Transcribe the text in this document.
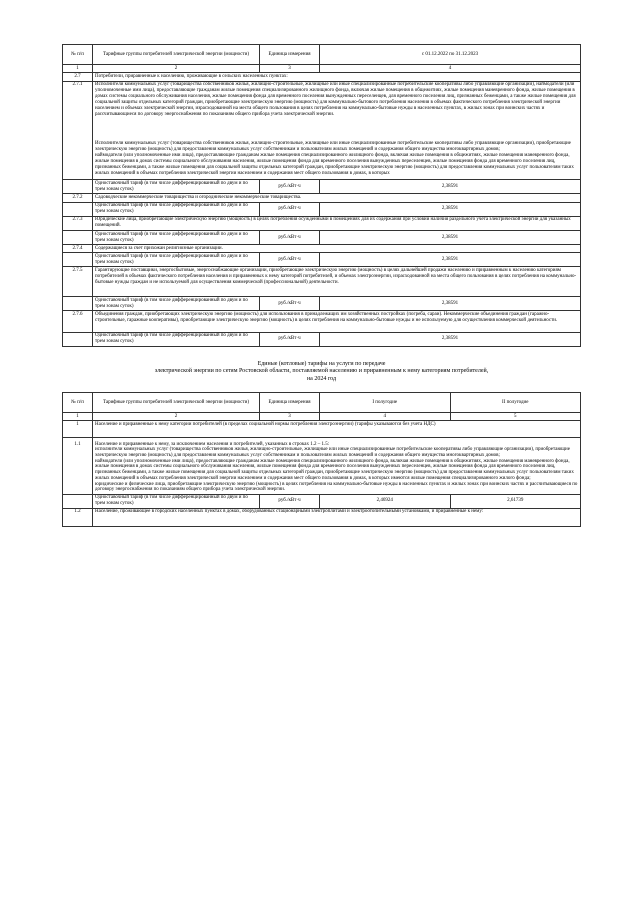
№ п/п	Тарифные группы потребителей электрической энергии (мощности)	Единица измерения	с 01.12.2022 по 31.12.2023
1	2	3	4
2.7	Потребители, приравненные к населению, проживающие в сельских населенных пунктах:		
2.7.1	Исполнители коммунальных услуг (товарищества собственников жилья, жилищно-строительные, жилищные или иные специализированные потребительские кооперативы либо управляющие организации), наймодатели (или уполномоченные ими лица), предоставляющие гражданам жилые помещения специализированного жилищного фонда, включая жилые помещения в общежитиях, жилые помещения маневренного фонда, жилые помещения в домах системы социального обслуживания населения, жилые помещения фонда для временного поселения вынужденных переселенцев, для временного поселения лиц, признанных беженцами, а также жилые помещения для социальной защиты отдельных категорий граждан, приобретающие электрическую энергию (мощность) для коммунально-бытового потребления населения в объемах фактического потребления электрической энергии населением и объемах электрической энергии, израсходованной на места общего пользования в целях потребления на коммунально-бытовые нужды в населенных пунктах, в жилых зонах при воинских частях и рассчитывающиеся по договору энергоснабжения по показаниям общего прибора учета электрической энергии.
Исполнители коммунальных услуг (товарищества собственников жилья, жилищно-строительные, жилищные или иные специализированные потребительские кооперативы либо управляющие организации), приобретающие электрическую энергию (мощность) для предоставления коммунальных услуг собственникам и пользователям жилых помещений и содержания общего имущества многоквартирных домов;
наймодатели (или уполномоченные ими лица), предоставляющие гражданам жилые помещения специализированного жилищного фонда, включая жилые помещения в общежитиях, жилые помещения маневренного фонда, жилые помещения в домах системы социального обслуживания населения, жилые помещения фонда для временного поселения вынужденных переселенцев, жилые помещения фонда для временного поселения лиц, признанных беженцами, а также жилые помещения для социальной защиты отдельных категорий граждан, приобретающие электрическую энергию (мощность) для предоставления коммунальных услуг пользователям таких жилых помещений в объемах потребления электрической энергии населением и содержания мест общего пользования в домах, в которых		

	Одноставочный тариф (в том числе дифференцированный по двум и по трем зонам суток)	руб./кВт·ч	2,38591
2.7.2	Садоводческие некоммерческие товарищества и огороднические некоммерческие товарищества.		
	Одноставочный тариф (в том числе дифференцированный по двум и по трем зонам суток)	руб./кВт·ч	2,38591
2.7.3	Юридические лица, приобретающие электрическую энергию (мощность) в целях потребления осужденными в помещениях для их содержания при условии наличия раздельного учета электрической энергии для указанных помещений.		
	Одноставочный тариф (в том числе дифференцированный по двум и по трем зонам суток)	руб./кВт·ч	2,38591
2.7.4	Содержащиеся за счет прихожан религиозные организации.		
	Одноставочный тариф (в том числе дифференцированный по двум и по трем зонам суток)	руб./кВт·ч	2,38591
2.7.5	Гарантирующие поставщики, энергосбытовые, энергоснабжающие организации, приобретающие электрическую энергию (мощность) в целях дальнейшей продажи населению и приравненным к населению категориям потребителей в объемах фактического потребления населения и приравненных к нему категорий потребителей, и объемах электроэнергии, израсходованной на места общего пользования в целях потребления на коммунально-бытовые нужды граждан и не используемой для осуществления коммерческой (профессиональной) деятельности.		
	Одноставочный тариф (в том числе дифференцированный по двум и по трем зонам суток)	руб./кВт·ч	2,38591
2.7.6	Объединения граждан, приобретающих электрическую энергию (мощность) для использования в принадлежащих им хозяйственных постройках (погреба, сараи). Некоммерческие объединения граждан (гаражно-строительные, гаражные кооперативы), приобретающие электрическую энергию (мощность) в целях потребления на коммунально-бытовые нужды и не используемую для осуществления коммерческой деятельности.		
	Одноставочный тариф (в том числе дифференцированный по двум и по трем зонам суток)	руб./кВт·ч	2,38591
Единые (котловые) тарифы на услуги по передаче
электрической энергии по сетям Ростовской области, поставляемой населению и приравненным к нему категориям потребителей,
на 2024 год
№ п/п	Тарифные группы потребителей электрической энергии (мощности)	Единица измерения	I полугодие	II полугодие
1	2	3	4	5
1	Население и приравненные к нему категории потребителей (в пределах социальной нормы потребления электроэнергии) (тарифы указываются без учета НДС)			
1.1	Население и приравненные к нему, за исключением населения и потребителей, указанных в строках 1.2 – 1.5:
исполнители коммунальных услуг (товарищества собственников жилья, жилищно-строительные, жилищные или иные специализированные потребительские кооперативы либо управляющие организации), приобретающие электрическую энергию (мощность) для предоставления коммунальных услуг собственникам и пользователям жилых помещений и содержания общего имущества многоквартирных домов;
наймодатели (или уполномоченные ими лица), предоставляющие гражданам жилые помещения специализированного жилищного фонда, включая жилые помещения в общежитиях, жилые помещения маневренного фонда, жилые помещения в домах системы социального обслуживания населения, жилые помещения фонда для временного поселения вынужденных переселенцев, жилые помещения фонда для временного поселения лиц, признанных беженцами, а также жилые помещения для социальной защиты отдельных категорий граждан, приобретающие электрическую энергию (мощность) для предоставления коммунальных услуг пользователям таких жилых помещений в объемах потребления электрической энергии населением и содержания мест общего пользования в домах, в которых имеются жилые помещения специализированного жилого фонда;
юридические и физические лица, приобретающие электрическую энергию (мощность) в целях потребления на коммунально-бытовые нужды в населенных пунктах и жилых зонах при воинских частях и рассчитывающиеся по договору энергоснабжения по показаниям общего прибора учета электрической энергии.			

	Одноставочный тариф (в том числе дифференцированный по двум и по трем зонам суток)	руб./кВт·ч	2,46924	2,61739
1.2	Население, проживающее в городских населенных пунктах в домах, оборудованных стационарными электроплитами и электроотопительными установками, и приравненные к нему:			
